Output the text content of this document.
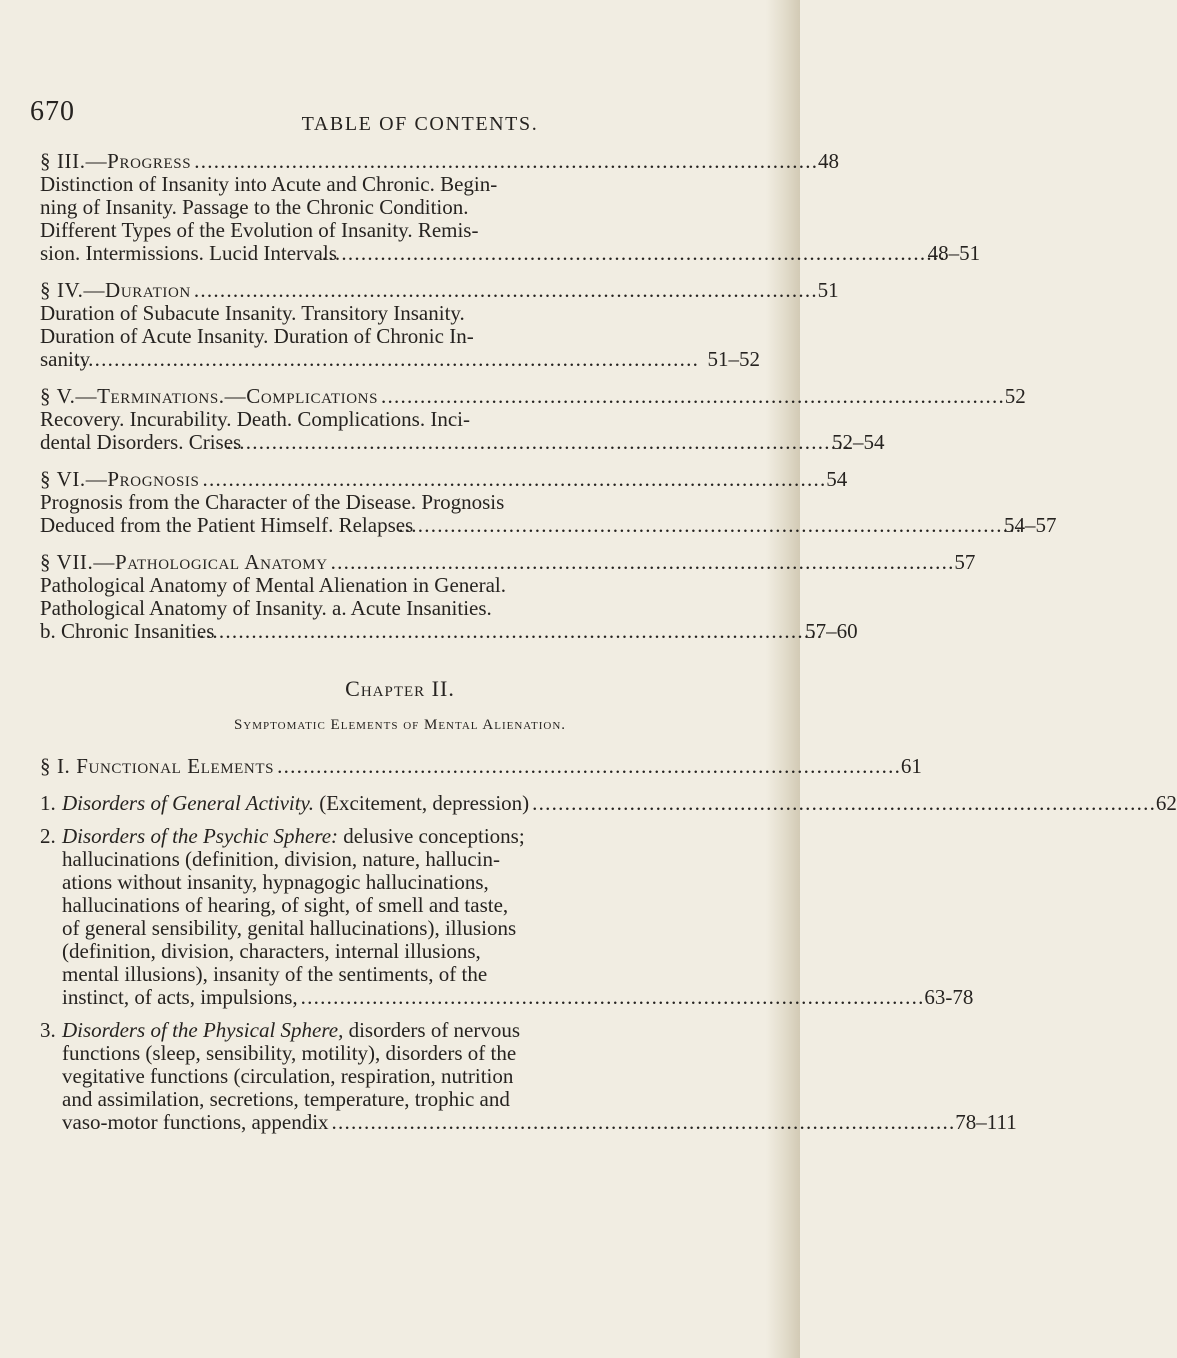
670	TABLE OF CONTENTS.
§ III.—Progress . . .	48
Distinction of Insanity into Acute and Chronic. Begin-
ning of Insanity. Passage to the Chronic Condition.
Different Types of the Evolution of Insanity. Remis-
sion. Intermissions. Lucid Intervals . . .	48–51
§ IV.—Duration . . .	51
Duration of Subacute Insanity. Transitory Insanity.
Duration of Acute Insanity. Duration of Chronic In-
sanity . . .	51–52
§ V.—Terminations.—Complications . . .	52
Recovery. Incurability. Death. Complications. Inci-
dental Disorders. Crises . . .	52–54
§ VI.—Prognosis . . .	54
Prognosis from the Character of the Disease. Prognosis
Deduced from the Patient Himself. Relapses . . .	54–57
§ VII.—Pathological Anatomy . . .	57
Pathological Anatomy of Mental Alienation in General.
Pathological Anatomy of Insanity. a. Acute Insanities.
b. Chronic Insanities . . .	57–60
Chapter II.
Symptomatic Elements of Mental Alienation.
§ I. Functional Elements . . .	61
1. Disorders of General Activity. (Excitement, depression) . . .	62
2. Disorders of the Psychic Sphere: delusive conceptions;
hallucinations (definition, division, nature, hallucin-
ations without insanity, hypnagogic hallucinations,
hallucinations of hearing, of sight, of smell and taste,
of general sensibility, genital hallucinations), illusions
(definition, division, characters, internal illusions,
mental illusions), insanity of the sentiments, of the
instinct, of acts, impulsions, . . .	63-78
3. Disorders of the Physical Sphere, disorders of nervous
functions (sleep, sensibility, motility), disorders of the
vegitative functions (circulation, respiration, nutrition
and assimilation, secretions, temperature, trophic and
vaso-motor functions, appendix . . .	78–111
